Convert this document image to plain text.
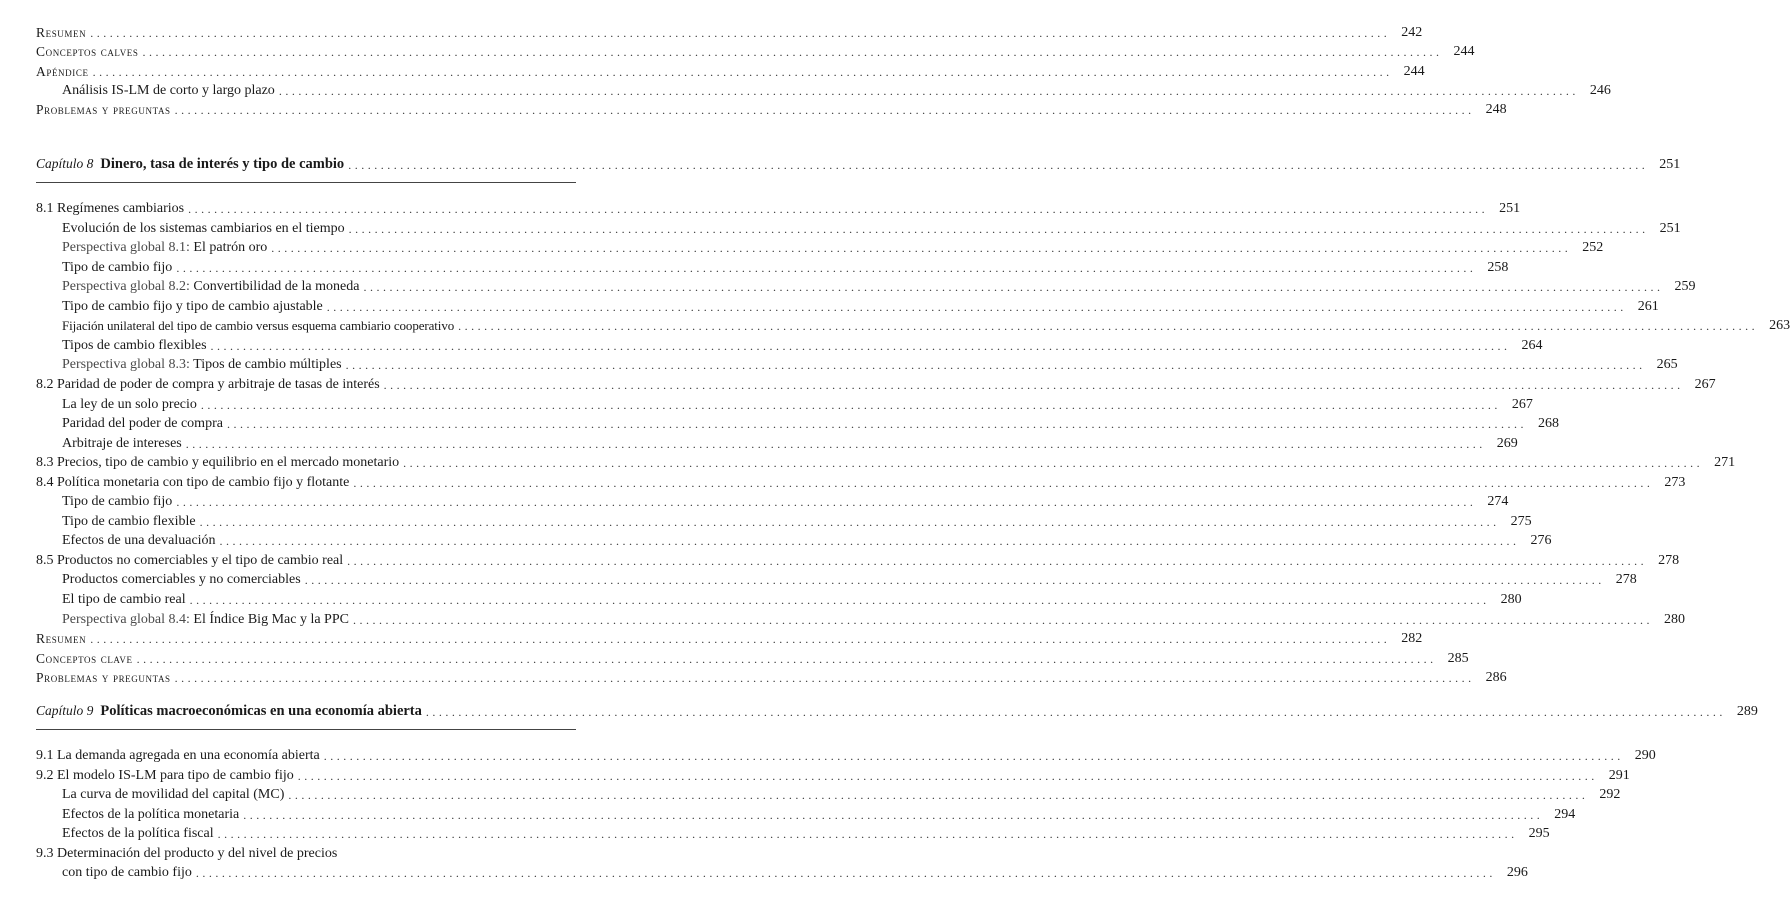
Resumen ........................................................................................................................................................................................................ 242
Conceptos calves ........................................................................................................................................................................................................ 244
Apéndice ........................................................................................................................................................................................................ 244
Análisis IS-LM de corto y largo plazo ........................................................................................................................................................................................................ 246
Problemas y preguntas ........................................................................................................................................................................................................ 248
Capítulo 8  Dinero, tasa de interés y tipo de cambio ........................................................................................................................................................................................................ 251
8.1 Regímenes cambiarios ........................................................................................................................................................................................................ 251
Evolución de los sistemas cambiarios en el tiempo ........................................................................................................................................................................................................ 251
Perspectiva global 8.1: El patrón oro ........................................................................................................................................................................................................ 252
Tipo de cambio fijo ........................................................................................................................................................................................................ 258
Perspectiva global 8.2: Convertibilidad de la moneda ........................................................................................................................................................................................................ 259
Tipo de cambio fijo y tipo de cambio ajustable ........................................................................................................................................................................................................ 261
Fijación unilateral del tipo de cambio versus esquema cambiario cooperativo ........................................................................................................................................................................................................ 263
Tipos de cambio flexibles ........................................................................................................................................................................................................ 264
Perspectiva global 8.3: Tipos de cambio múltiples ........................................................................................................................................................................................................ 265
8.2 Paridad de poder de compra y arbitraje de tasas de interés ........................................................................................................................................................................................................ 267
La ley de un solo precio ........................................................................................................................................................................................................ 267
Paridad del poder de compra ........................................................................................................................................................................................................ 268
Arbitraje de intereses ........................................................................................................................................................................................................ 269
8.3 Precios, tipo de cambio y equilibrio en el mercado monetario ........................................................................................................................................................................................................ 271
8.4 Política monetaria con tipo de cambio fijo y flotante ........................................................................................................................................................................................................ 273
Tipo de cambio fijo ........................................................................................................................................................................................................ 274
Tipo de cambio flexible ........................................................................................................................................................................................................ 275
Efectos de una devaluación ........................................................................................................................................................................................................ 276
8.5 Productos no comerciables y el tipo de cambio real ........................................................................................................................................................................................................ 278
Productos comerciables y no comerciables ........................................................................................................................................................................................................ 278
El tipo de cambio real ........................................................................................................................................................................................................ 280
Perspectiva global 8.4: El Índice Big Mac y la PPC ........................................................................................................................................................................................................ 280
Resumen ........................................................................................................................................................................................................ 282
Conceptos clave ........................................................................................................................................................................................................ 285
Problemas y preguntas ........................................................................................................................................................................................................ 286
Capítulo 9  Políticas macroeconómicas en una economía abierta ........................................................................................................................................................................................................ 289
9.1 La demanda agregada en una economía abierta ........................................................................................................................................................................................................ 290
9.2 El modelo IS-LM para tipo de cambio fijo ........................................................................................................................................................................................................ 291
La curva de movilidad del capital (MC) ........................................................................................................................................................................................................ 292
Efectos de la política monetaria ........................................................................................................................................................................................................ 294
Efectos de la política fiscal ........................................................................................................................................................................................................ 295
9.3 Determinación del producto y del nivel de precios
con tipo de cambio fijo ........................................................................................................................................................................................................ 296
